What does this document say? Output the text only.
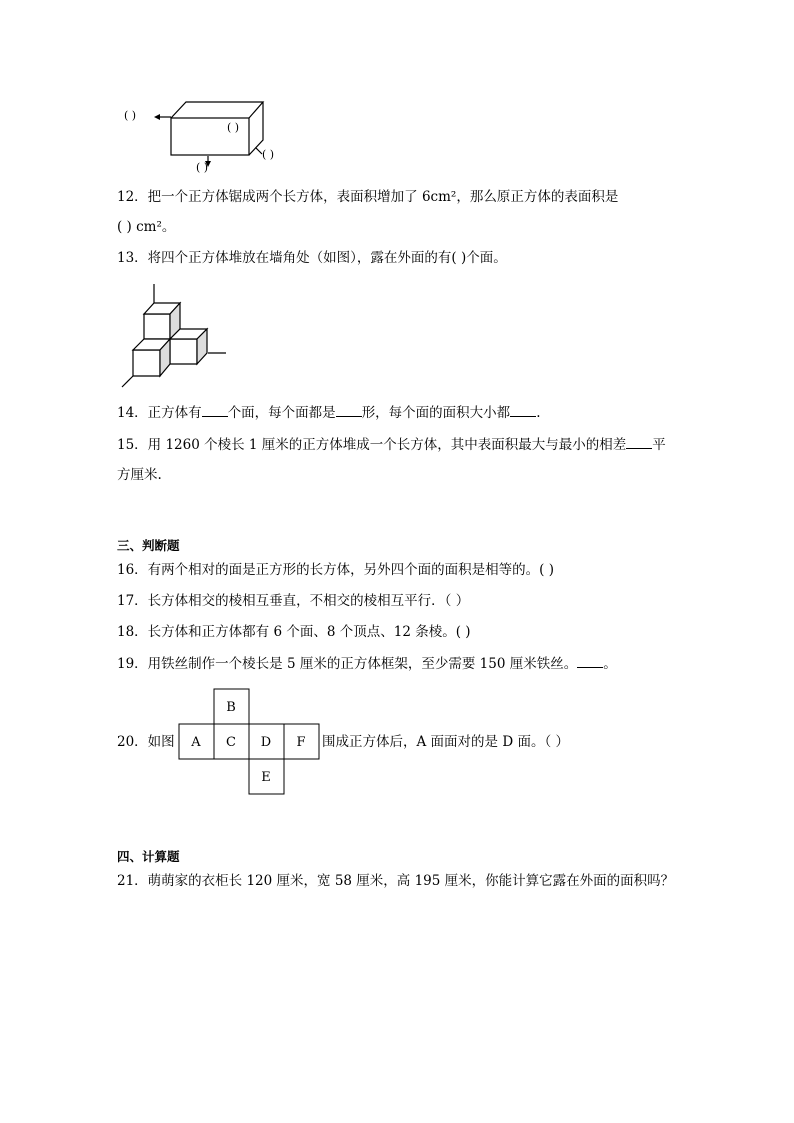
( )
( )
( )
( )
12．把一个正方体锯成两个长方体，表面积增加了 6cm²，那么原正方体的表面积是
( ) cm²。
13．将四个正方体堆放在墙角处（如图），露在外面的有( )个面。
14．正方体有 个面，每个面都是 形，每个面的面积大小都 .
15．用 1260 个棱长 1 厘米的正方体堆成一个长方体，其中表面积最大与最小的相差 平
方厘米.
三、判断题
16．有两个相对的面是正方形的长方体，另外四个面的面积是相等的。( )
17．长方体相交的棱相互垂直，不相交的棱相互平行．（ ）
18．长方体和正方体都有 6 个面、8 个顶点、12 条棱。( )
19．用铁丝制作一个棱长是 5 厘米的正方体框架，至少需要 150 厘米铁丝。 。
20．如图
B
A C D F
E
围成正方体后，A 面面对的是 D 面。（ ）
四、计算题
21．萌萌家的衣柜长 120 厘米，宽 58 厘米，高 195 厘米，你能计算它露在外面的面积吗？
